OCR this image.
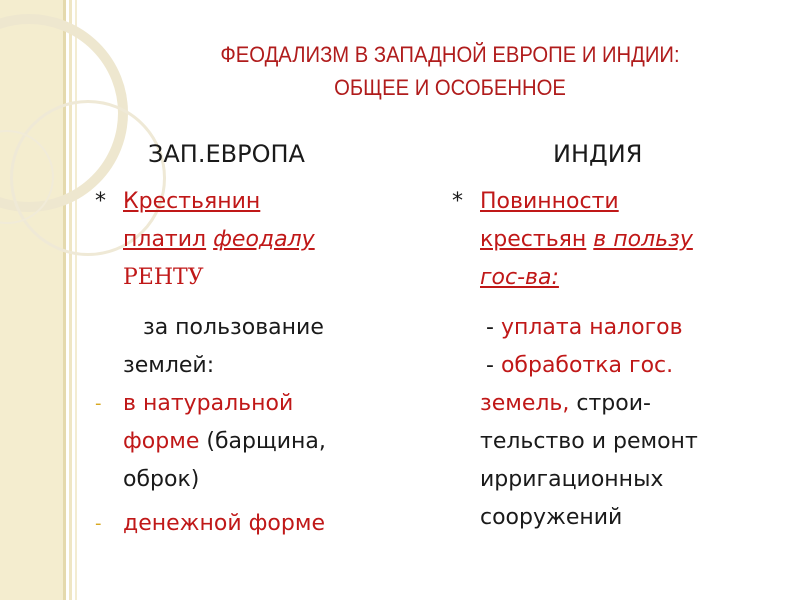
ФЕОДАЛИЗМ В ЗАПАДНОЙ ЕВРОПЕ И ИНДИИ:
ОБЩЕЕ И ОСОБЕННОЕ
ЗАП.ЕВРОПА	ИНДИЯ
* Крестьянин
платил феодалу
РЕНТУ
за пользование
землей:
- в натуральной
форме (барщина,
оброк)
- денежной форме
* Повинности
крестьян в пользу
гос-ва:
- уплата налогов
- обработка гос.
земель, строи-
тельство и ремонт
ирригационных
сооружений
